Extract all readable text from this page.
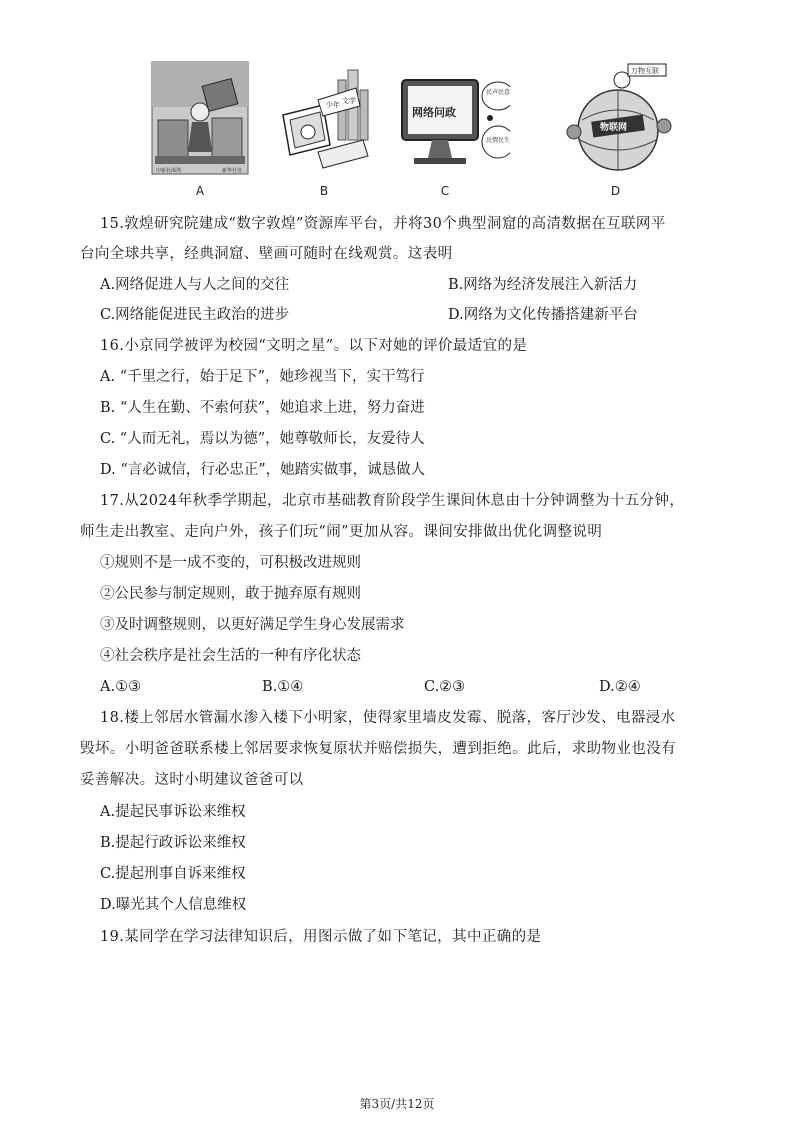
中新社深圳	新华社发
A
少年 文学
B
网络问政
民声民意
民情民生
C
物联网
万物互联
D
15.敦煌研究院建成“数字敦煌”资源库平台，并将30个典型洞窟的高清数据在互联网平
台向全球共享，经典洞窟、壁画可随时在线观赏。这表明
A.网络促进人与人之间的交往	B.网络为经济发展注入新活力
C.网络能促进民主政治的进步	D.网络为文化传播搭建新平台
16.小京同学被评为校园“文明之星”。以下对她的评价最适宜的是
A. “千里之行，始于足下”，她珍视当下，实干笃行
B. “人生在勤、不索何获”，她追求上进，努力奋进
C. “人而无礼，焉以为德”，她尊敬师长，友爱待人
D. “言必诚信，行必忠正”，她踏实做事，诚恳做人
17.从2024年秋季学期起，北京市基础教育阶段学生课间休息由十分钟调整为十五分钟，
师生走出教室、走向户外，孩子们玩“闹”更加从容。课间安排做出优化调整说明
①规则不是一成不变的，可积极改进规则
②公民参与制定规则，敢于抛弃原有规则
③及时调整规则，以更好满足学生身心发展需求
④社会秩序是社会生活的一种有序化状态
A.①③	B.①④	C.②③	D.②④
18.楼上邻居水管漏水渗入楼下小明家，使得家里墙皮发霉、脱落，客厅沙发、电器浸水
毁坏。小明爸爸联系楼上邻居要求恢复原状并赔偿损失，遭到拒绝。此后，求助物业也没有
妥善解决。这时小明建议爸爸可以
A.提起民事诉讼来维权
B.提起行政诉讼来维权
C.提起刑事自诉来维权
D.曝光其个人信息维权
19.某同学在学习法律知识后，用图示做了如下笔记，其中正确的是
第3页/共12页
